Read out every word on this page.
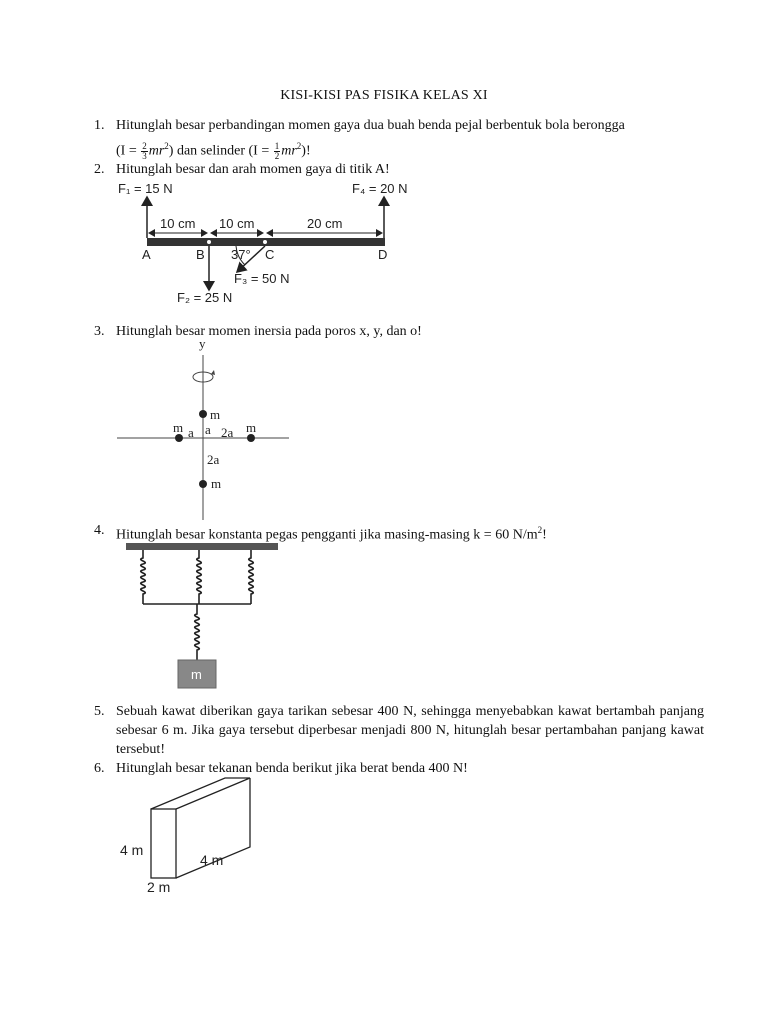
KISI-KISI PAS FISIKA KELAS XI
1. Hitunglah besar perbandingan momen gaya dua buah benda pejal berbentuk bola berongga
$(I = \frac{2}{3} mr^2)$ dan selinder $(I = \frac{1}{2} mr^2)$!
2. Hitunglah besar dan arah momen gaya di titik A!
F₁ = 15 N	F₄ = 20 N
10 cm 10 cm	20 cm
A	B 37° C	D
F₃ = 50 N
F₂ = 25 N
3. Hitunglah besar momen inersia pada poros x, y, dan o!
y
m
m	m
a a 2a
2a
m
4. Hitunglah besar konstanta pegas pengganti jika masing-masing k = 60 $N/m^2$!
m
5. Sebuah kawat diberikan gaya tarikan sebesar 400 N, sehingga menyebabkan kawat bertambah panjang sebesar 6 m. Jika gaya tersebut diperbesar menjadi 800 N, hitunglah besar pertambahan panjang kawat tersebut!
6. Hitunglah besar tekanan benda berikut jika berat benda 400 N!
4 m
4 m
2 m
